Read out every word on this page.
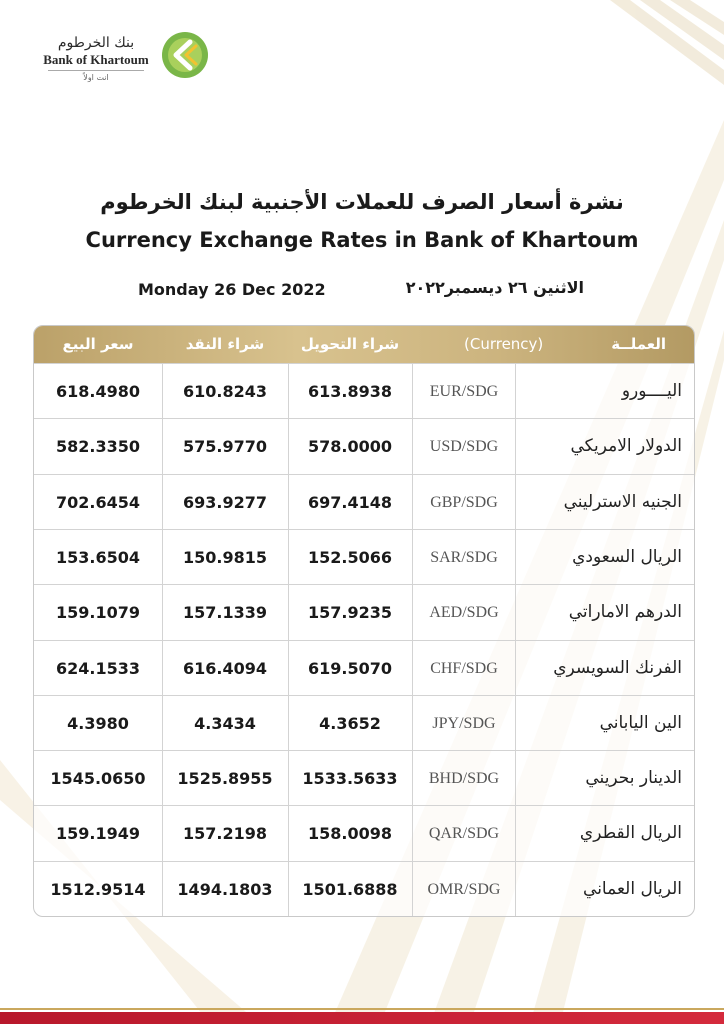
بنك الخرطوم
Bank of Khartoum
انت اولاً
نشرة أسعار الصرف للعملات الأجنبية لبنك الخرطوم
Currency Exchange Rates in Bank of Khartoum
Monday 26 Dec 2022	الاثنين ٢٦ ديسمبر٢٠٢٢
سعر البيع	شراء النقد	شراء التحويل	(Currency)	العملــة
618.4980	610.8243	613.8938	EUR/SDG	اليــــورو
582.3350	575.9770	578.0000	USD/SDG	الدولار الامريكي
702.6454	693.9277	697.4148	GBP/SDG	الجنيه الاسترليني
153.6504	150.9815	152.5066	SAR/SDG	الريال السعودي
159.1079	157.1339	157.9235	AED/SDG	الدرهم الاماراتي
624.1533	616.4094	619.5070	CHF/SDG	الفرنك السويسري
4.3980	4.3434	4.3652	JPY/SDG	الين الياباني
1545.0650	1525.8955	1533.5633	BHD/SDG	الدينار بحريني
159.1949	157.2198	158.0098	QAR/SDG	الريال القطري
1512.9514	1494.1803	1501.6888	OMR/SDG	الريال العماني
